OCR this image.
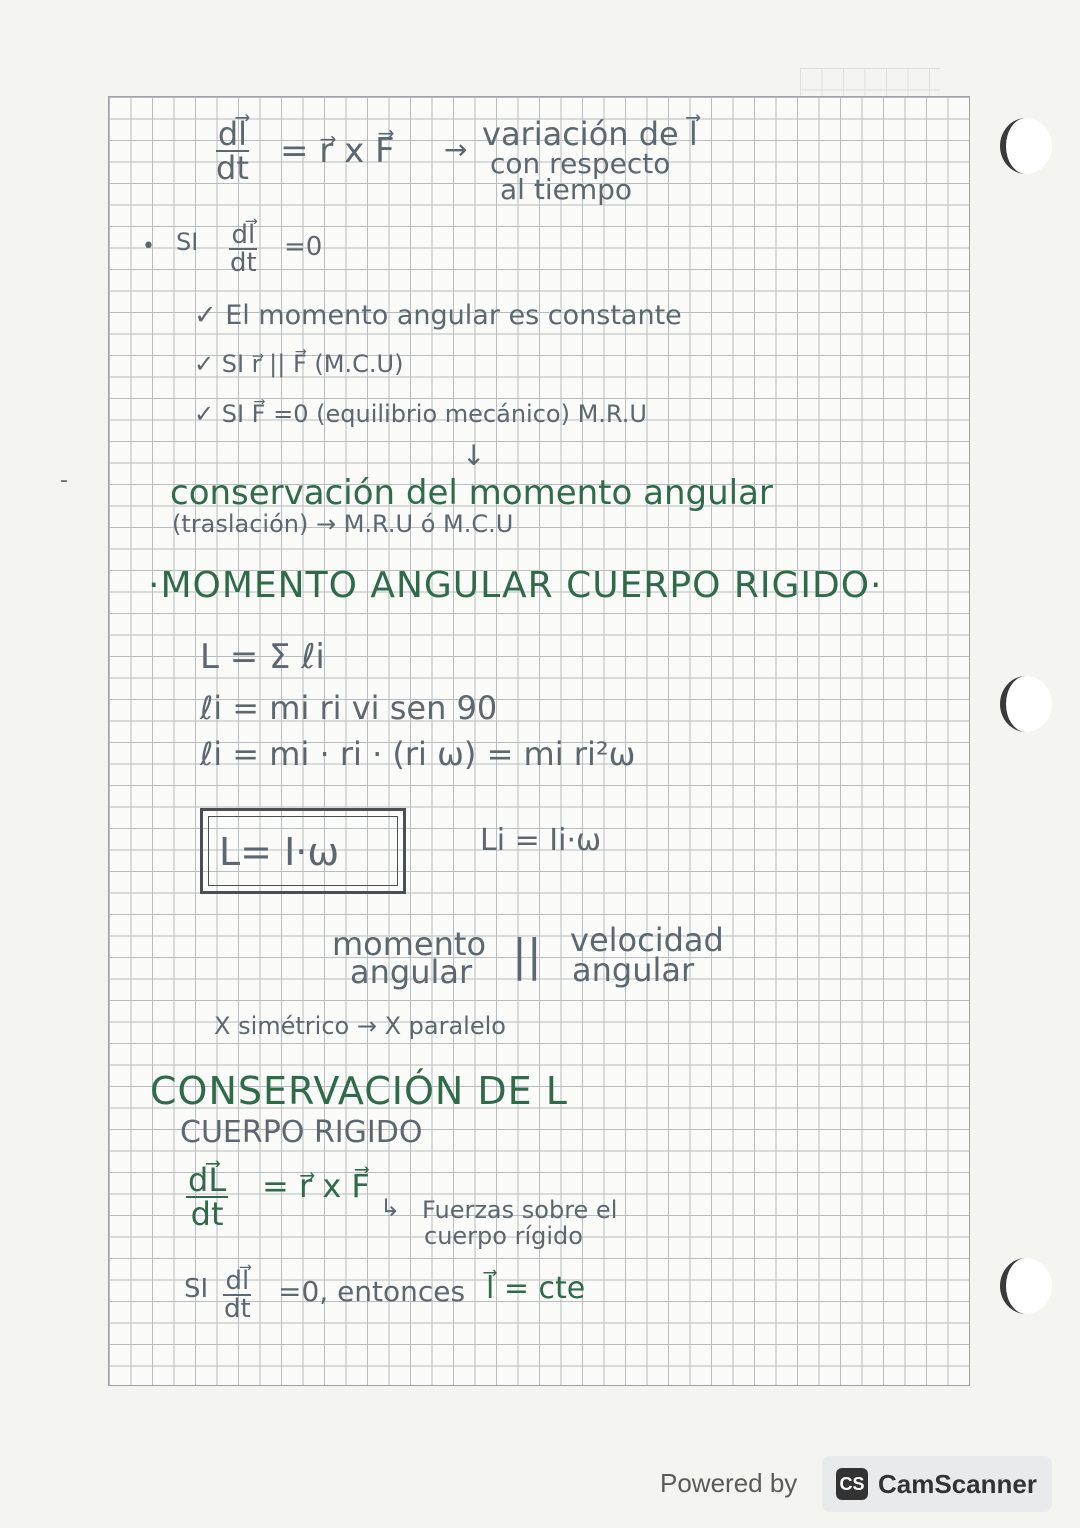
-
$\frac{dl⃗}{dt}$ = r⃗ x F⃗ → variación de l⃗
con respecto
al tiempo
• SI $\frac{dl⃗}{dt} =0$
✓ El momento angular es constante
✓ SI r⃗ || F⃗ (M.C.U)
✓ SI F⃗ =0 (equilibrio mecánico) M.R.U
↓
conservación del momento angular
(traslación) → M.R.U ó M.C.U
·MOMENTO ANGULAR CUERPO RIGIDO·
L = Σ ℓi
ℓi = mi ri vi sen 90
ℓi = mi · ri · (ri ω) = mi ri²ω
L= I·ω	Li = Ii·ω
momento
angular || velocidad
angular
X simétrico → X paralelo
CONSERVACIÓN DE L
CUERPO RIGIDO
$\frac{dL⃗}{dt}$ = r⃗ x F⃗
↳ Fuerzas sobre el
cuerpo rígido
SI $\frac{dl⃗}{dt} =0$, entonces l⃗ = cte
Powered by CS CamScanner
